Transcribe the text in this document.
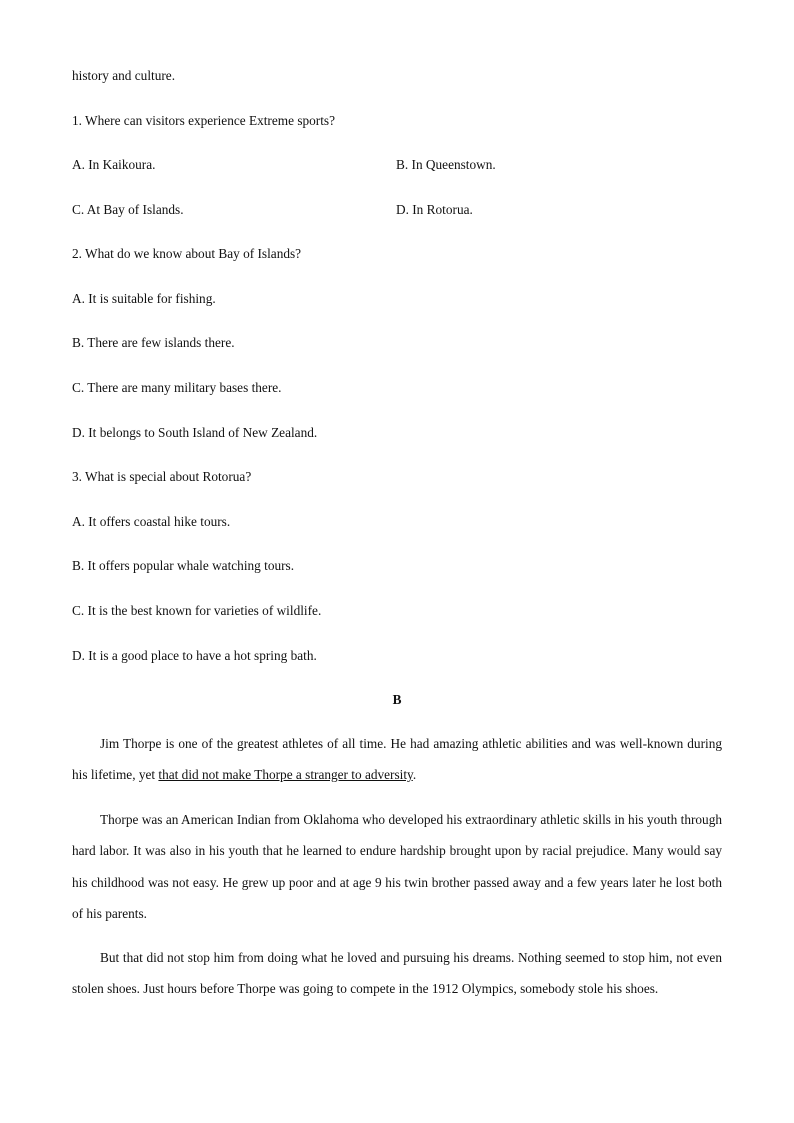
history and culture.
1. Where can visitors experience Extreme sports?
A. In Kaikoura.	B. In Queenstown.
C. At Bay of Islands.	D. In Rotorua.
2. What do we know about Bay of Islands?
A. It is suitable for fishing.
B. There are few islands there.
C. There are many military bases there.
D. It belongs to South Island of New Zealand.
3. What is special about Rotorua?
A. It offers coastal hike tours.
B. It offers popular whale watching tours.
C. It is the best known for varieties of wildlife.
D. It is a good place to have a hot spring bath.
B
Jim Thorpe is one of the greatest athletes of all time. He had amazing athletic abilities and was well-known during his lifetime, yet that did not make Thorpe a stranger to adversity.
Thorpe was an American Indian from Oklahoma who developed his extraordinary athletic skills in his youth through hard labor. It was also in his youth that he learned to endure hardship brought upon by racial prejudice. Many would say his childhood was not easy. He grew up poor and at age 9 his twin brother passed away and a few years later he lost both of his parents.
But that did not stop him from doing what he loved and pursuing his dreams. Nothing seemed to stop him, not even stolen shoes. Just hours before Thorpe was going to compete in the 1912 Olympics, somebody stole his shoes.
